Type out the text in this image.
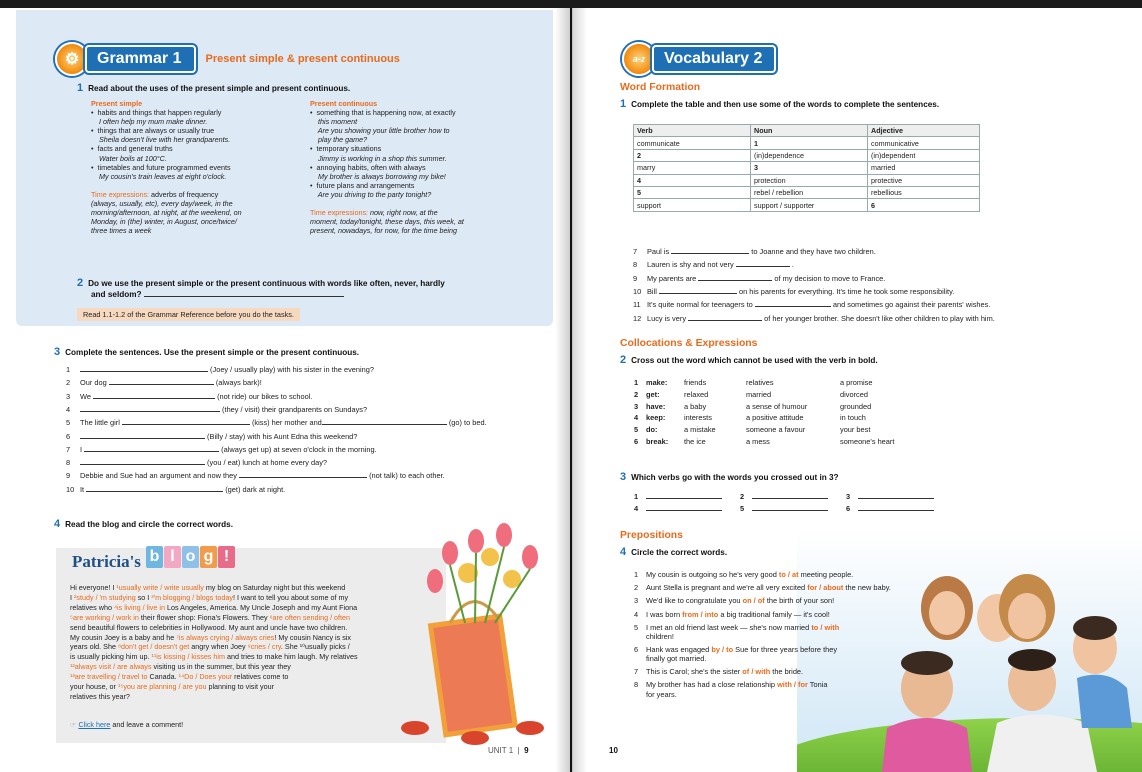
⚙	Grammar 1	Present simple & present continuous
1 Read about the uses of the present simple and present continuous.
Present simple
•  habits and things that happen regularly
I often help my mum make dinner.
•  things that are always or usually true
Sheila doesn't live with her grandparents.
•  facts and general truths
Water boils at 100°C.
•  timetables and future programmed events
My cousin's train leaves at eight o'clock.
Time expressions: adverbs of frequency
(always, usually, etc), every day/week, in the
morning/afternoon, at night, at the weekend, on
Monday, in (the) winter, in August, once/twice/
three times a week
Present continuous
•  something that is happening now, at exactly
this moment
Are you showing your little brother how to
play the game?
•  temporary situations
Jimmy is working in a shop this summer.
•  annoying habits, often with always
My brother is always borrowing my bike!
•  future plans and arrangements
Are you driving to the party tonight?
Time expressions: now, right now, at the
moment, today/tonight, these days, this week, at
present, nowadays, for now, for the time being
2 Do we use the present simple or the present continuous with words like often, never, hardly
and seldom?
Read 1.1-1.2 of the Grammar Reference before you do the tasks.
3 Complete the sentences. Use the present simple or the present continuous.
1	(Joey / usually play) with his sister in the evening?
2 Our dog	(always bark)!
3 We	(not ride) our bikes to school.
4	(they / visit) their grandparents on Sundays?
5 The little girl	(kiss) her mother and	(go) to bed.
6	(Billy / stay) with his Aunt Edna this weekend?
7 I	(always get up) at seven o'clock in the morning.
8	(you / eat) lunch at home every day?
9 Debbie and Sue had an argument and now they	(not talk) to each other.
10 It	(get) dark at night.
4 Read the blog and circle the correct words.
Patricia's b l o g !
Hi everyone! I ¹usually write / write usually my blog on Saturday night but this weekend
I ²study / 'm studying so I ³'m blogging / blogs today! I want to tell you about some of my
relatives who ⁴is living / live in Los Angeles, America. My Uncle Joseph and my Aunt Fiona
⁵are working / work in their flower shop: Fiona's Flowers. They ⁶are often sending / often
send beautiful flowers to celebrities in Hollywood. My aunt and uncle have two children.
My cousin Joey is a baby and he ⁷is always crying / always cries! My cousin Nancy is six
years old. She ⁸don't get / doesn't get angry when Joey ⁹cries / cry. She ¹⁰usually picks /
is usually picking him up. ¹¹is kissing / kisses him and tries to make him laugh. My relatives
¹²always visit / are always visiting us in the summer, but this year they
¹³are travelling / travel to Canada. ¹⁴Do / Does your relatives come to
your house, or ¹⁵you are planning / are you planning to visit your
relatives this year?
☞ Click here and leave a comment!
UNIT 1  |  9
a-z	Vocabulary 2
Word Formation
1 Complete the table and then use some of the words to complete the sentences.
7 Paul is	to Joanne and they have two children.
8 Lauren is shy and not very	.
9 My parents are	of my decision to move to France.
10 Bill	on his parents for everything. It's time he took some responsibility.
11 It's quite normal for teenagers to	and sometimes go against their parents' wishes.
12 Lucy is very	of her younger brother. She doesn't like other children to play with him.
Collocations & Expressions
2 Cross out the word which cannot be used with the verb in bold.
1 make: friends	relatives	a promise
2 get:	relaxed	married	divorced
3 have:	a baby	a sense of humour	grounded
4 keep:	interests	a positive attitude	in touch
5 do:	a mistake	someone a favour	your best
6 break: the ice	a mess	someone's heart
3 Which verbs go with the words you crossed out in 3?
1	2	3
4	5	6
Prepositions
4 Circle the correct words.
1 My cousin is outgoing so he's very good to / at meeting people.
2 Aunt Stella is pregnant and we're all very excited for / about the new baby.
3 We'd like to congratulate you on / of the birth of your son!
4 I was born from / into a big traditional family — it's cool!
5 I met an old friend last week — she's now married to / with
children!
6 Hank was engaged by / to Sue for three years before they
finally got married.
7 This is Carol; she's the sister of / with the bride.
8 My brother has had a close relationship with / for Tonia
for years.
10
Verb	Noun	Adjective
communicate	1	communicative
2	(in)dependence	(in)dependent
marry	3	married
4	protection	protective
5	rebel / rebellion	rebellious
support	support / supporter	6
